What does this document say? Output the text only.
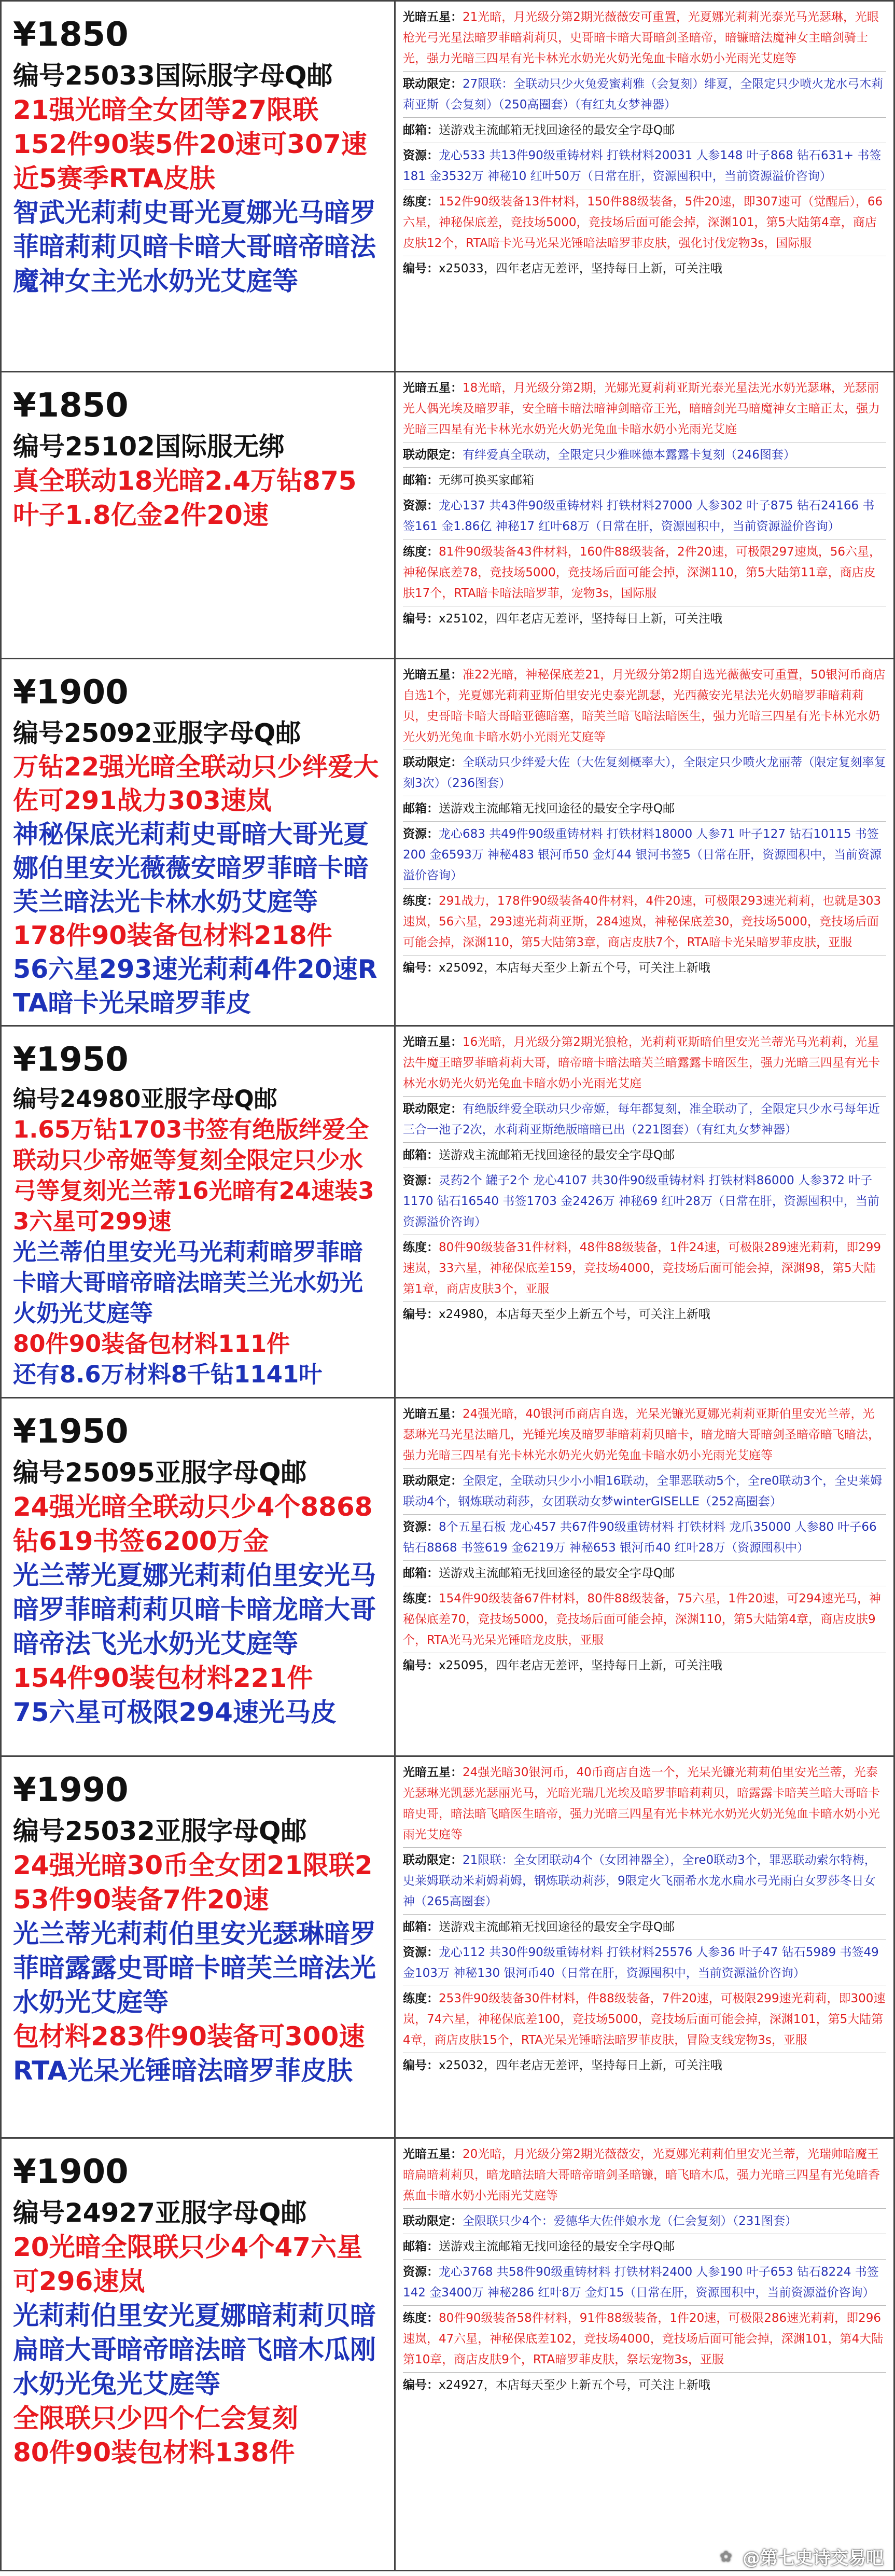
¥1850
编号25033国际服字母Q邮
21强光暗全女团等27限联
152件90装5件20速可307速
近5赛季RTA皮肤
智武光莉莉史哥光夏娜光马暗罗菲暗莉莉贝暗卡暗大哥暗帝暗法魔神女主光水奶光艾庭等
光暗五星：21光暗，月光级分第2期光薇薇安可重置，光夏娜光莉莉光泰光马光瑟琳，光眼枪光弓光星法暗罗菲暗莉莉贝，史哥暗卡暗大哥暗剑圣暗帝，暗镰暗法魔神女主暗剑骑士光，强力光暗三四星有光卡林光水奶光火奶光兔血卡暗水奶小光雨光艾庭等
联动限定：27限联：全联动只少火兔爱蜜莉雅（会复刻）绯夏，全限定只少喷火龙水弓木莉莉亚斯（会复刻）（250高圈套）（有红丸女梦神器）
邮箱：送游戏主流邮箱无找回途径的最安全字母Q邮
资源：龙心533 共13件90级重铸材料 打铁材料20031 人参148 叶子868 钻石631+ 书签181 金3532万 神秘10 红叶50万（日常在肝，资源囤积中，当前资源溢价咨询）
练度：152件90级装备13件材料，150件88级装备，5件20速，即307速可（觉醒后），66六星，神秘保底差，竞技场5000，竞技场后面可能会掉，深渊101，第5大陆第4章，商店皮肤12个，RTA暗卡光马光呆光锤暗法暗罗菲皮肤，强化讨伐宠物3s，国际服
编号：x25033，四年老店无差评，坚持每日上新，可关注哦
¥1850
编号25102国际服无绑
真全联动18光暗2.4万钻875
叶子1.8亿金2件20速
光暗五星：18光暗，月光级分第2期，光娜光夏莉莉亚斯光泰光星法光水奶光瑟琳，光瑟丽光人偶光埃及暗罗菲，安全暗卡暗法暗神剑暗帝王光，暗暗剑光马暗魔神女主暗正太，强力光暗三四星有光卡林光水奶光火奶光兔血卡暗水奶小光雨光艾庭
联动限定：有绊爱真全联动，全限定只少雅咪德本露露卡复刻（246图套）
邮箱：无绑可换买家邮箱
资源：龙心137 共43件90级重铸材料 打铁材料27000 人参302 叶子875 钻石24166 书签161 金1.86亿 神秘17 红叶68万（日常在肝，资源囤积中，当前资源溢价咨询）
练度：81件90级装备43件材料，160件88级装备，2件20速，可极限297速岚，56六星，神秘保底差78，竞技场5000，竞技场后面可能会掉，深渊110，第5大陆第11章，商店皮肤17个，RTA暗卡暗法暗罗菲，宠物3s，国际服
编号：x25102，四年老店无差评，坚持每日上新，可关注哦
¥1900
编号25092亚服字母Q邮
万钻22强光暗全联动只少绊爱大佐可291战力303速岚
神秘保底光莉莉史哥暗大哥光夏娜伯里安光薇薇安暗罗菲暗卡暗芙兰暗法光卡林水奶艾庭等
178件90装备包材料218件
56六星293速光莉莉4件20速RTA暗卡光呆暗罗菲皮
光暗五星：准22光暗，神秘保底差21，月光级分第2期自选光薇薇安可重置，50银河币商店自选1个，光夏娜光莉莉亚斯伯里安光史泰光凯瑟，光西薇安光星法光火奶暗罗菲暗莉莉贝，史哥暗卡暗大哥暗亚德暗塞，暗芙兰暗飞暗法暗医生，强力光暗三四星有光卡林光水奶光火奶光兔血卡暗水奶小光雨光艾庭等
联动限定：全联动只少绊爱大佐（大佐复刻概率大），全限定只少喷火龙丽蒂（限定复刻率复刻3次）（236图套）
邮箱：送游戏主流邮箱无找回途径的最安全字母Q邮
资源：龙心683 共49件90级重铸材料 打铁材料18000 人参71 叶子127 钻石10115 书签200 金6593万 神秘483 银河币50 金灯44 银河书签5（日常在肝，资源囤积中，当前资源溢价咨询）
练度：291战力，178件90级装备40件材料，4件20速，可极限293速光莉莉，也就是303速岚，56六星，293速光莉莉亚斯，284速岚，神秘保底差30，竞技场5000，竞技场后面可能会掉，深渊110，第5大陆第3章，商店皮肤7个，RTA暗卡光呆暗罗菲皮肤，亚服
编号：x25092，本店每天至少上新五个号，可关注上新哦
¥1950
编号24980亚服字母Q邮
1.65万钻1703书签有绝版绊爱全联动只少帝姬等复刻全限定只少水弓等复刻光兰蒂16光暗有24速装33六星可299速
光兰蒂伯里安光马光莉莉暗罗菲暗卡暗大哥暗帝暗法暗芙兰光水奶光火奶光艾庭等
80件90装备包材料111件
还有8.6万材料8千钻1141叶
光暗五星：16光暗，月光级分第2期光狼枪，光莉莉亚斯暗伯里安光兰蒂光马光莉莉，光星法牛魔王暗罗菲暗莉莉大哥，暗帝暗卡暗法暗芙兰暗露露卡暗医生，强力光暗三四星有光卡林光水奶光火奶光兔血卡暗水奶小光雨光艾庭
联动限定：有绝版绊爱全联动只少帝姬，每年都复刻，准全联动了，全限定只少水弓每年近三合一池子2次，水莉莉亚斯绝版暗暗已出（221图套）（有红丸女梦神器）
邮箱：送游戏主流邮箱无找回途径的最安全字母Q邮
资源：灵药2个 罐子2个 龙心4107 共30件90级重铸材料 打铁材料86000 人参372 叶子1170 钻石16540 书签1703 金2426万 神秘69 红叶28万（日常在肝，资源囤积中，当前资源溢价咨询）
练度：80件90级装备31件材料，48件88级装备，1件24速，可极限289速光莉莉，即299速岚，33六星，神秘保底差159，竞技场4000，竞技场后面可能会掉，深渊98，第5大陆第1章，商店皮肤3个，亚服
编号：x24980，本店每天至少上新五个号，可关注上新哦
¥1950
编号25095亚服字母Q邮
24强光暗全联动只少4个8868钻619书签6200万金
光兰蒂光夏娜光莉莉伯里安光马暗罗菲暗莉莉贝暗卡暗龙暗大哥暗帝法飞光水奶光艾庭等
154件90装包材料221件
75六星可极限294速光马皮
光暗五星：24强光暗，40银河币商店自选，光呆光镰光夏娜光莉莉亚斯伯里安光兰蒂，光瑟琳光马光星法暗几，光锤光埃及暗罗菲暗莉莉贝暗卡，暗龙暗大哥暗剑圣暗帝暗飞暗法，强力光暗三四星有光卡林光水奶光火奶光兔血卡暗水奶小光雨光艾庭等
联动限定：全限定，全联动只少小小帽16联动，全罪恶联动5个，全re0联动3个，全史莱姆联动4个，钢炼联动莉莎，女团联动女梦winterGISELLE（252高圈套）
资源：8个五星石板 龙心457 共67件90级重铸材料 打铁材料 龙爪35000 人参80 叶子66 钻石8868 书签619 金6219万 神秘653 银河币40 红叶28万（资源囤积中）
邮箱：送游戏主流邮箱无找回途径的最安全字母Q邮
练度：154件90级装备67件材料，80件88级装备，75六星，1件20速，可294速光马，神秘保底差70，竞技场5000，竞技场后面可能会掉，深渊110，第5大陆第4章，商店皮肤9个，RTA光马光呆光锤暗龙皮肤，亚服
编号：x25095，四年老店无差评，坚持每日上新，可关注哦
¥1990
编号25032亚服字母Q邮
24强光暗30币全女团21限联253件90装备7件20速
光兰蒂光莉莉伯里安光瑟琳暗罗菲暗露露史哥暗卡暗芙兰暗法光水奶光艾庭等
包材料283件90装备可300速
RTA光呆光锤暗法暗罗菲皮肤
光暗五星：24强光暗30银河币，40币商店自选一个，光呆光镰光莉莉伯里安光兰蒂，光泰光瑟琳光凯瑟光瑟丽光马，光暗光瑞几光埃及暗罗菲暗莉莉贝，暗露露卡暗芙兰暗大哥暗卡暗史哥，暗法暗飞暗医生暗帝，强力光暗三四星有光卡林光水奶光火奶光兔血卡暗水奶小光雨光艾庭等
联动限定：21限联：全女团联动4个（女团神器全），全re0联动3个，罪恶联动索尔特梅，史莱姆联动米莉姆莉姆，钢炼联动莉莎，9限定火飞丽希水龙水扁水弓光雨白女罗莎冬日女神（265高圈套）
邮箱：送游戏主流邮箱无找回途径的最安全字母Q邮
资源：龙心112 共30件90级重铸材料 打铁材料25576 人参36 叶子47 钻石5989 书签49 金103万 神秘130 银河币40（日常在肝，资源囤积中，当前资源溢价咨询）
练度：253件90级装备30件材料，件88级装备，7件20速，可极限299速光莉莉，即300速岚，74六星，神秘保底差100，竞技场5000，竞技场后面可能会掉，深渊101，第5大陆第4章，商店皮肤15个，RTA光呆光锤暗法暗罗菲皮肤，冒险支线宠物3s，亚服
编号：x25032，四年老店无差评，坚持每日上新，可关注哦
¥1900
编号24927亚服字母Q邮
20光暗全限联只少4个47六星可296速岚
光莉莉伯里安光夏娜暗莉莉贝暗扁暗大哥暗帝暗法暗飞暗木瓜刚水奶光兔光艾庭等
全限联只少四个仁会复刻
80件90装包材料138件
光暗五星：20光暗，月光级分第2期光薇薇安，光夏娜光莉莉伯里安光兰蒂，光瑞帅暗魔王暗扁暗莉莉贝，暗龙暗法暗大哥暗帝暗剑圣暗镰，暗飞暗木瓜，强力光暗三四星有光兔暗香蕉血卡暗水奶小光雨光艾庭等
联动限定：全限联只少4个：爱德华大佐伴娘水龙（仁会复刻）（231图套）
邮箱：送游戏主流邮箱无找回途径的最安全字母Q邮
资源：龙心3768 共58件90级重铸材料 打铁材料2400 人参190 叶子653 钻石8224 书签142 金3400万 神秘286 红叶8万 金灯15（日常在肝，资源囤积中，当前资源溢价咨询）
练度：80件90级装备58件材料，91件88级装备，1件20速，可极限286速光莉莉，即296速岚，47六星，神秘保底差102，竞技场4000，竞技场后面可能会掉，深渊101，第4大陆第10章，商店皮肤9个，RTA暗罗菲皮肤，祭坛宠物3s，亚服
编号：x24927，本店每天至少上新五个号，可关注上新哦
✿ @第七史诗交易吧
